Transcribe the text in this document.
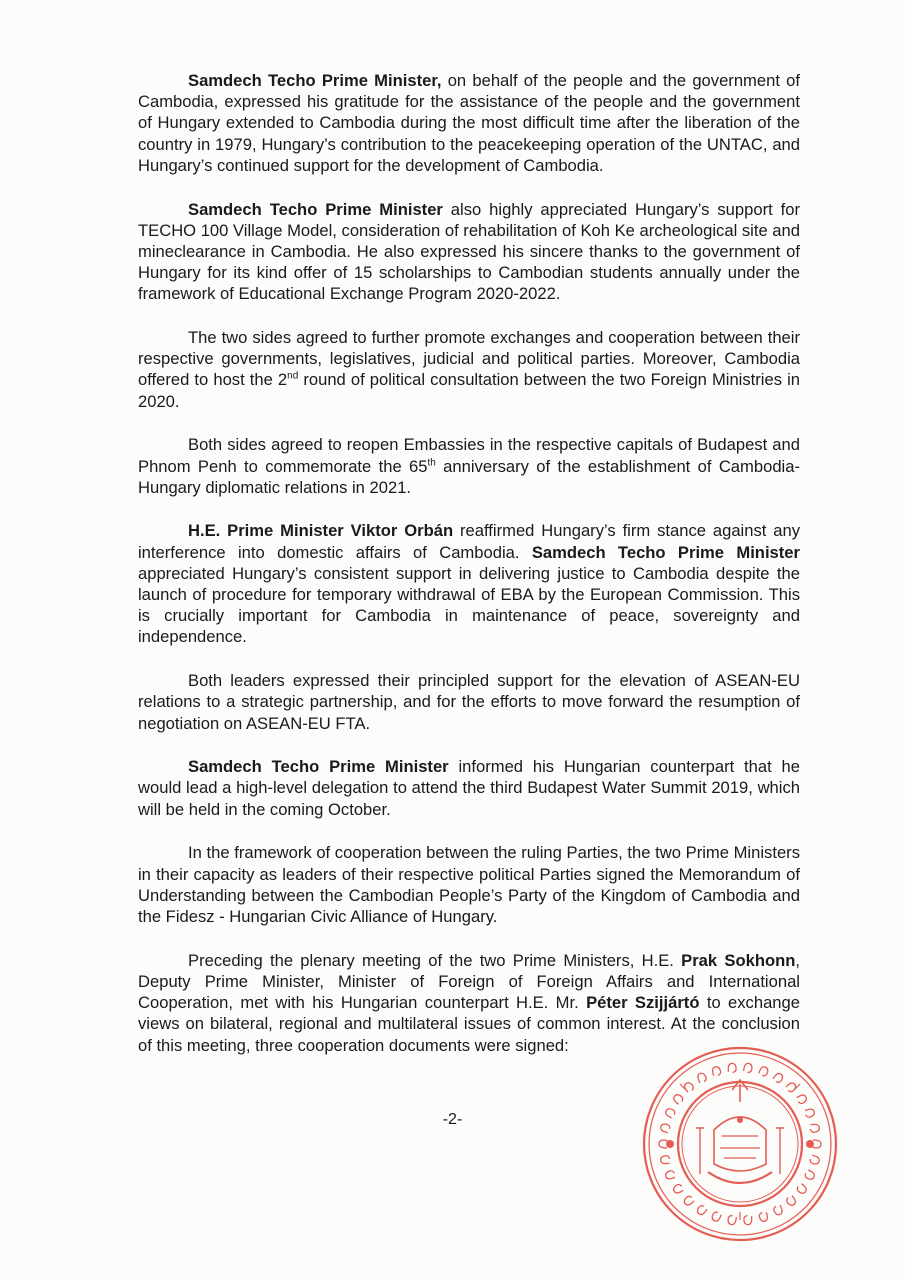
Samdech Techo Prime Minister, on behalf of the people and the government of Cambodia, expressed his gratitude for the assistance of the people and the government of Hungary extended to Cambodia during the most difficult time after the liberation of the country in 1979, Hungary’s contribution to the peacekeeping operation of the UNTAC, and Hungary’s continued support for the development of Cambodia.

Samdech Techo Prime Minister also highly appreciated Hungary’s support for TECHO 100 Village Model, consideration of rehabilitation of Koh Ke archeological site and mineclearance in Cambodia. He also expressed his sincere thanks to the government of Hungary for its kind offer of 15 scholarships to Cambodian students annually under the framework of Educational Exchange Program 2020-2022.

The two sides agreed to further promote exchanges and cooperation between their respective governments, legislatives, judicial and political parties. Moreover, Cambodia offered to host the 2nd round of political consultation between the two Foreign Ministries in 2020.

Both sides agreed to reopen Embassies in the respective capitals of Budapest and Phnom Penh to commemorate the 65th anniversary of the establishment of Cambodia-Hungary diplomatic relations in 2021.

H.E. Prime Minister Viktor Orbán reaffirmed Hungary’s firm stance against any interference into domestic affairs of Cambodia. Samdech Techo Prime Minister appreciated Hungary’s consistent support in delivering justice to Cambodia despite the launch of procedure for temporary withdrawal of EBA by the European Commission. This is crucially important for Cambodia in maintenance of peace, sovereignty and independence.

Both leaders expressed their principled support for the elevation of ASEAN-EU relations to a strategic partnership, and for the efforts to move forward the resumption of negotiation on ASEAN-EU FTA.

Samdech Techo Prime Minister informed his Hungarian counterpart that he would lead a high-level delegation to attend the third Budapest Water Summit 2019, which will be held in the coming October.

In the framework of cooperation between the ruling Parties, the two Prime Ministers in their capacity as leaders of their respective political Parties signed the Memorandum of Understanding between the Cambodian People’s Party of the Kingdom of Cambodia and the Fidesz - Hungarian Civic Alliance of Hungary.

Preceding the plenary meeting of the two Prime Ministers, H.E. Prak Sokhonn, Deputy Prime Minister, Minister of Foreign of Foreign Affairs and International Cooperation, met with his Hungarian counterpart H.E. Mr. Péter Szijjártó to exchange views on bilateral, regional and multilateral issues of common interest. At the conclusion of this meeting, three cooperation documents were signed:

-2-
